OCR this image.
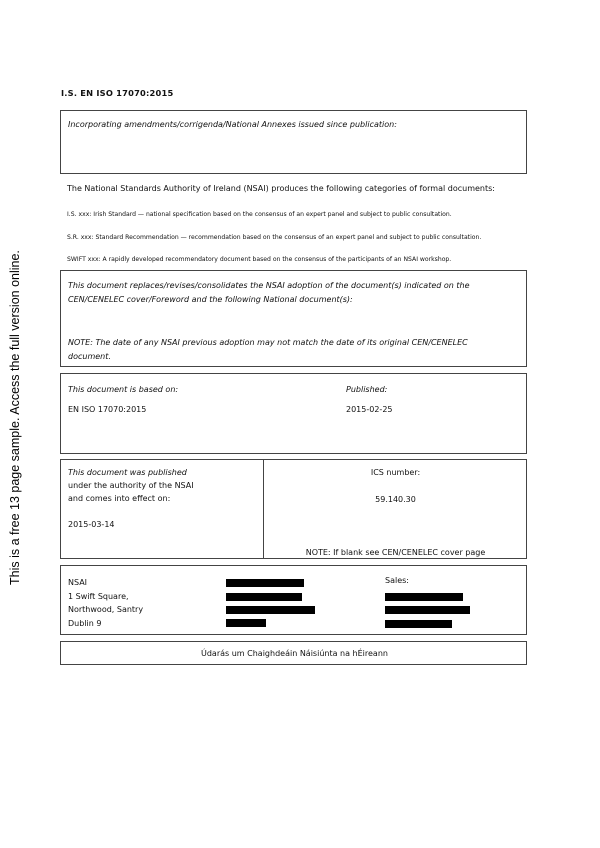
This is a free 13 page sample. Access the full version online.
I.S. EN ISO 17070:2015
Incorporating amendments/corrigenda/National Annexes issued since publication:
The National Standards Authority of Ireland (NSAI) produces the following categories of formal documents:
I.S. xxx: Irish Standard — national specification based on the consensus of an expert panel and subject to public consultation.
S.R. xxx: Standard Recommendation — recommendation based on the consensus of an expert panel and subject to public consultation.
SWIFT xxx: A rapidly developed recommendatory document based on the consensus of the participants of an NSAI workshop.
This document replaces/revises/consolidates the NSAI adoption of the document(s) indicated on the
CEN/CENELEC cover/Foreword and the following National document(s):
NOTE: The date of any NSAI previous adoption may not match the date of its original CEN/CENELEC
document.
This document is based on:
EN ISO 17070:2015
Published:
2015-02-25
This document was published
under the authority of the NSAI
and comes into effect on:
2015-03-14
ICS number:
59.140.30
NOTE: If blank see CEN/CENELEC cover page
NSAI
1 Swift Square,
Northwood, Santry
Dublin 9
Sales:
Údarás um Chaighdeáin Náisiúnta na hÉireann
